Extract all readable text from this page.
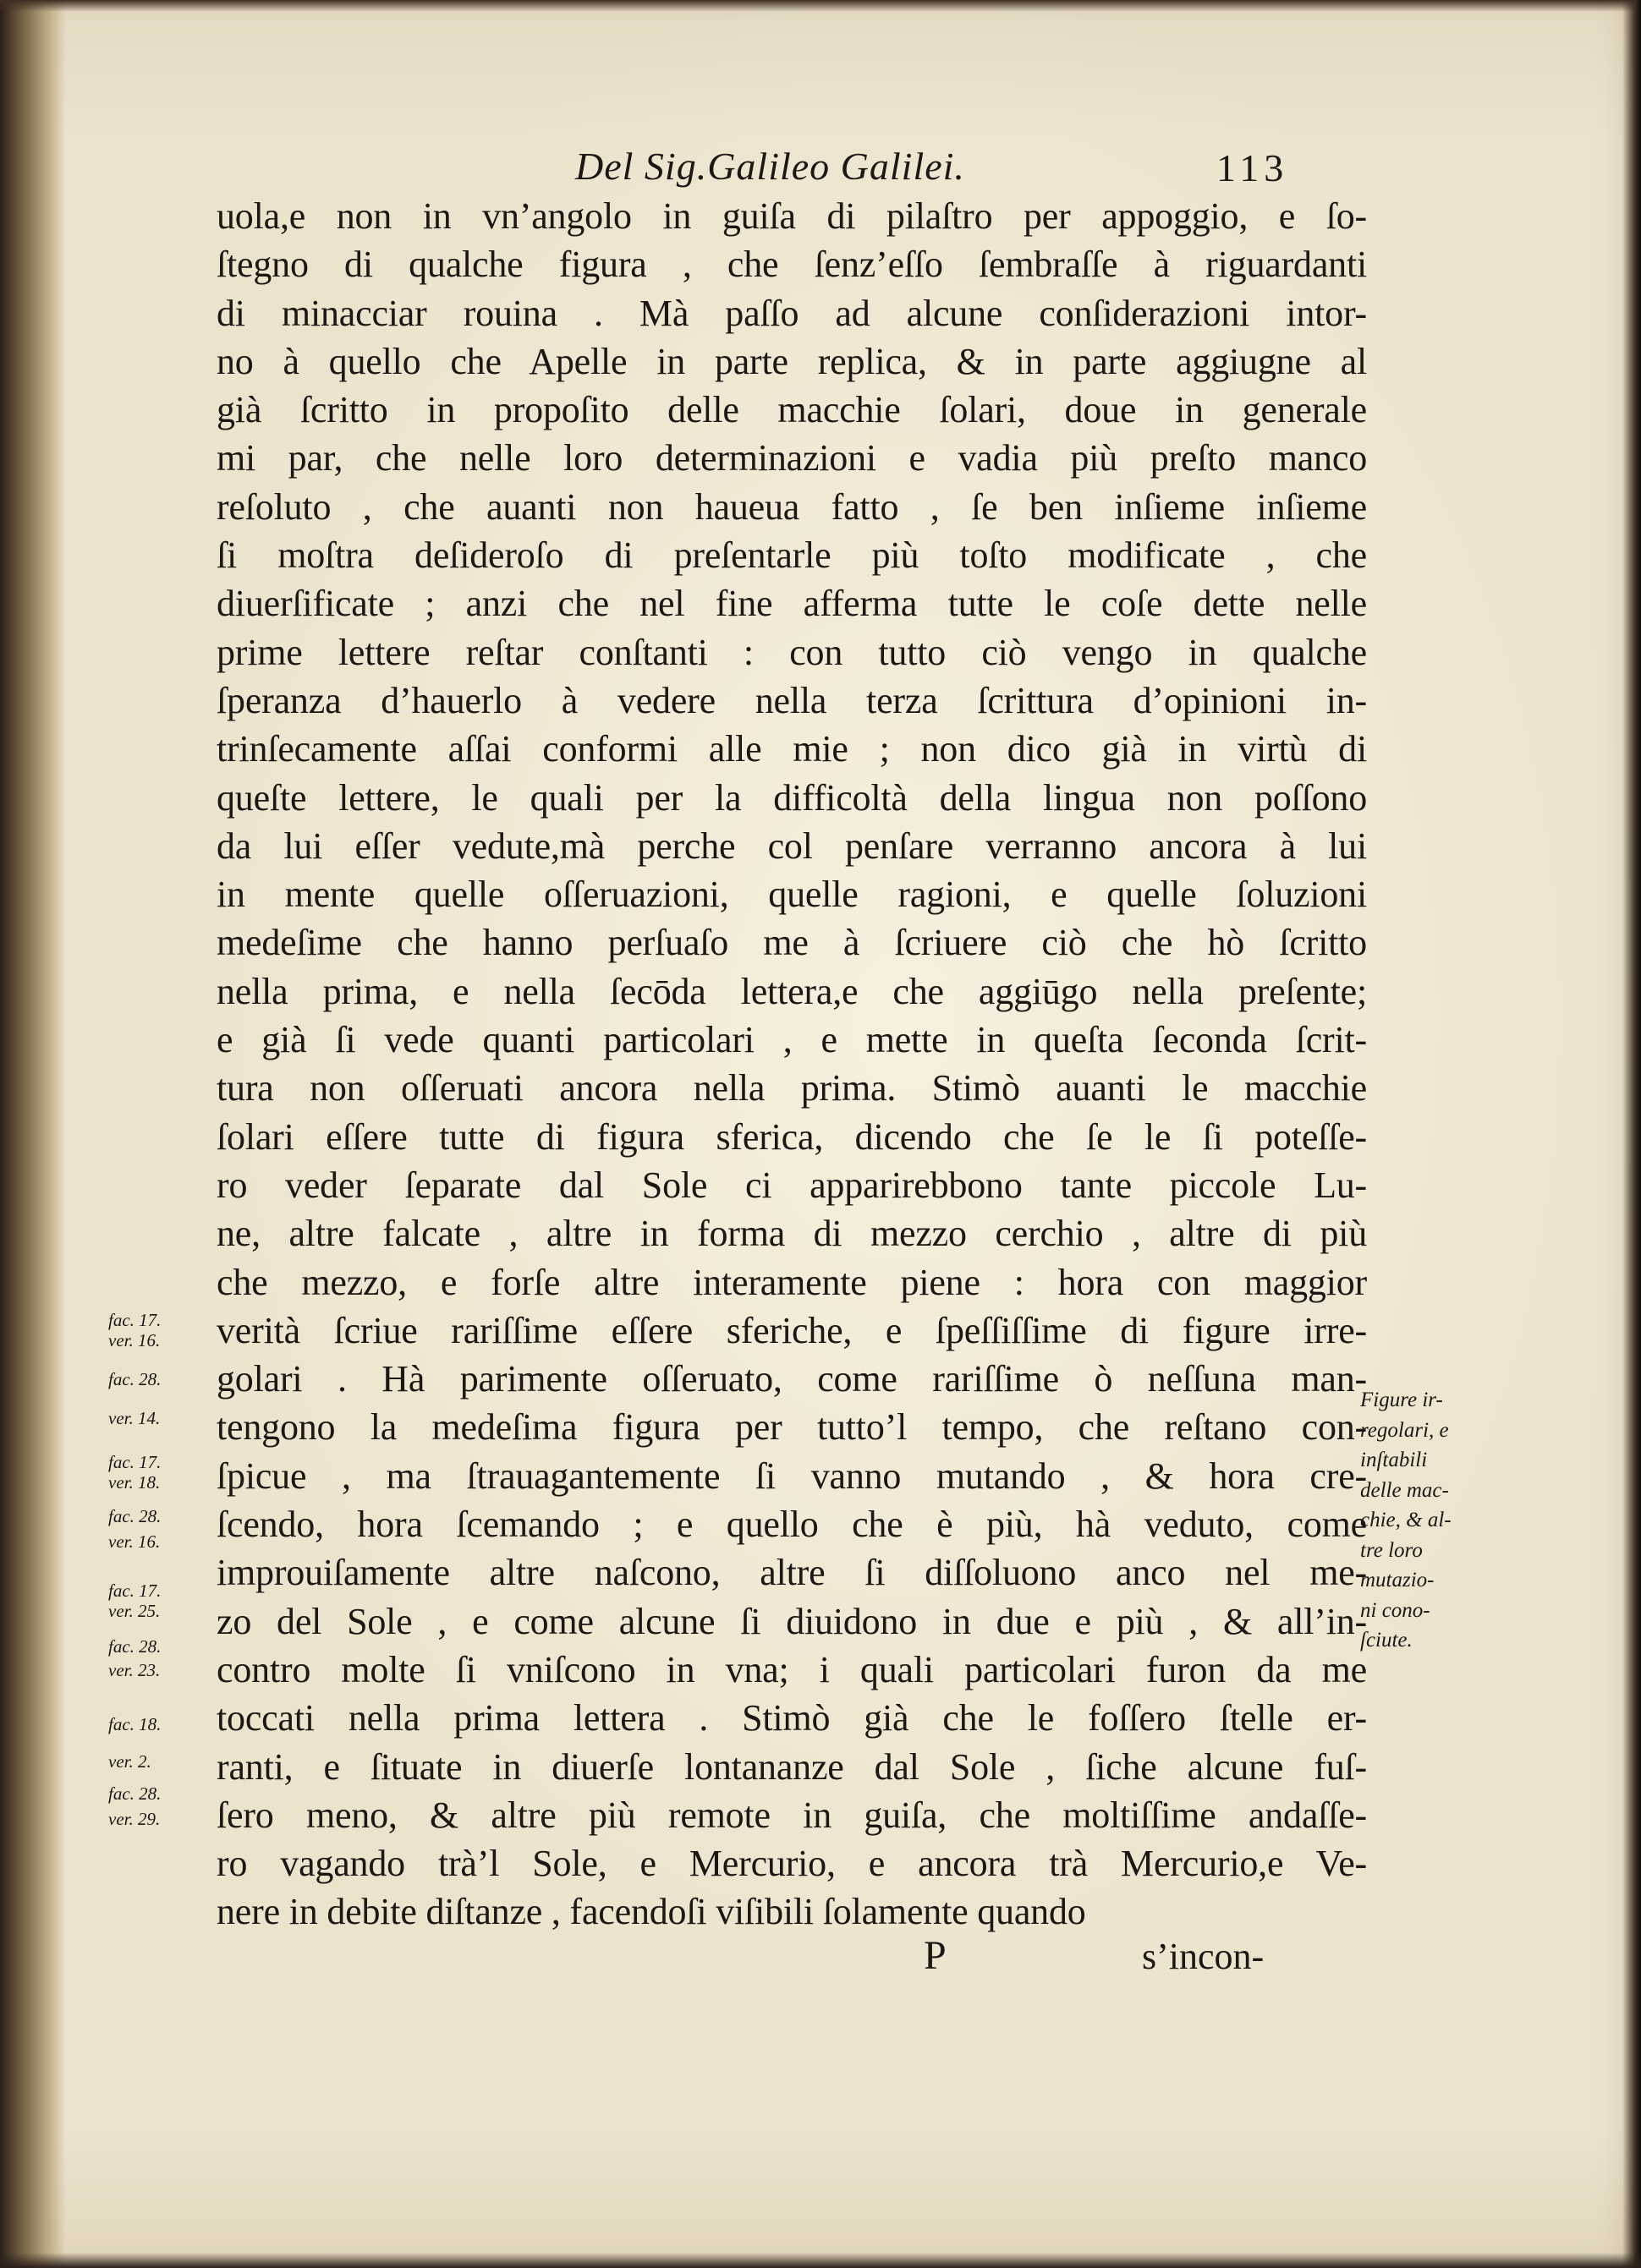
Del Sig.Galileo Galilei.	113
uola,e non in vn’angolo in guiſa di pilaſtro per appoggio, e ſo-
ſtegno di qualche figura , che ſenz’eſſo ſembraſſe à riguardanti
di minacciar rouina . Mà paſſo ad alcune conſiderazioni intor-
no à quello che Apelle in parte replica, & in parte aggiugne al
già ſcritto in propoſito delle macchie ſolari, doue in generale
mi par, che nelle loro determinazioni e vadia più preſto manco
reſoluto , che auanti non haueua fatto , ſe ben inſieme inſieme
ſi moſtra deſideroſo di preſentarle più toſto modificate , che
diuerſificate ; anzi che nel fine afferma tutte le coſe dette nelle
prime lettere reſtar conſtanti : con tutto ciò vengo in qualche
ſperanza d’hauerlo à vedere nella terza ſcrittura d’opinioni in-
trinſecamente aſſai conformi alle mie ; non dico già in virtù di
queſte lettere, le quali per la difficoltà della lingua non poſſono
da lui eſſer vedute,mà perche col penſare verranno ancora à lui
in mente quelle oſſeruazioni, quelle ragioni, e quelle ſoluzioni
medeſime che hanno perſuaſo me à ſcriuere ciò che hò ſcritto
nella prima, e nella ſecōda lettera,e che aggiūgo nella preſente;
e già ſi vede quanti particolari , e mette in queſta ſeconda ſcrit-
tura non oſſeruati ancora nella prima. Stimò auanti le macchie
ſolari eſſere tutte di figura sferica, dicendo che ſe le ſi poteſſe-
ro veder ſeparate dal Sole ci apparirebbono tante piccole Lu-
ne, altre falcate , altre in forma di mezzo cerchio , altre di più
che mezzo, e forſe altre interamente piene : hora con maggior
verità ſcriue rariſſime eſſere sferiche, e ſpeſſiſſime di figure irre-
golari . Hà parimente oſſeruato, come rariſſime ò neſſuna man-
tengono la medeſima figura per tutto’l tempo, che reſtano con-
ſpicue , ma ſtrauagantemente ſi vanno mutando , & hora cre-
ſcendo, hora ſcemando ; e quello che è più, hà veduto, come
improuiſamente altre naſcono, altre ſi diſſoluono anco nel me-
zo del Sole , e come alcune ſi diuidono in due e più , & all’in-
contro molte ſi vniſcono in vna; i quali particolari furon da me
toccati nella prima lettera . Stimò già che le foſſero ſtelle er-
ranti, e ſituate in diuerſe lontananze dal Sole , ſiche alcune fuſ-
ſero meno, & altre più remote in guiſa, che moltiſſime andaſſe-
ro vagando trà’l Sole, e Mercurio, e ancora trà Mercurio,e Ve-
nere in debite diſtanze , facendoſi viſibili ſolamente quando
fac. 17.
ver. 16.
fac. 28.
ver. 14.
fac. 17.
ver. 18.
fac. 28.
ver. 16.
fac. 17.
ver. 25.
fac. 28.
ver. 23.
fac. 18.
ver. 2.
fac. 28.
ver. 29.
Figure ir-
regolari, e
inſtabili
delle mac-
chie, & al-
tre loro
mutazio-
ni cono-
ſciute.
P	s’incon-
